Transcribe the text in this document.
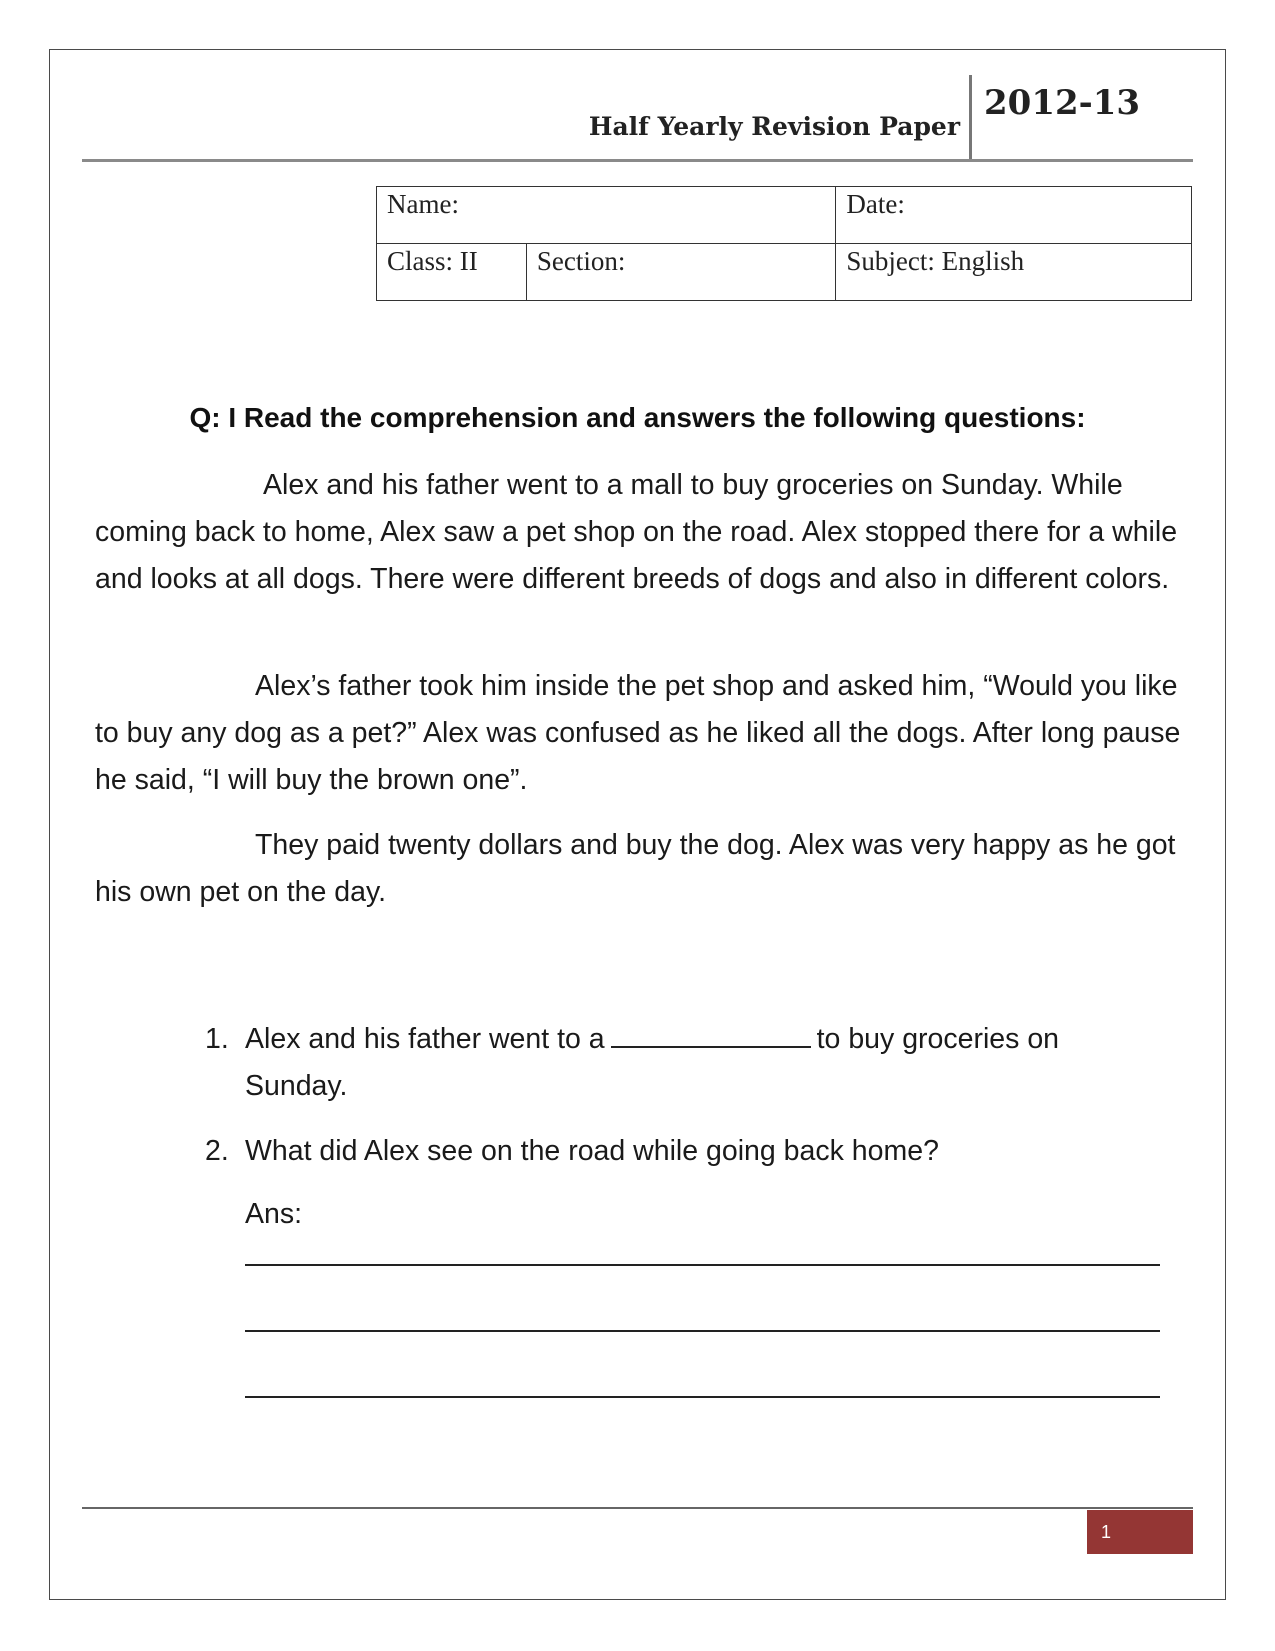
Half Yearly Revision Paper
2012-13
Name:		Date:
Class: II	Section:	Subject: English
Q: I Read the comprehension and answers the following questions:

Alex and his father went to a mall to buy groceries on Sunday. While coming back to home, Alex saw a pet shop on the road. Alex stopped there for a while and looks at all dogs. There were different breeds of dogs and also in different colors.

Alex’s father took him inside the pet shop and asked him, “Would you like to buy any dog as a pet?” Alex was confused as he liked all the dogs. After long pause he said, “I will buy the brown one”.

They paid twenty dollars and buy the dog. Alex was very happy as he got his own pet on the day.

1. Alex and his father went to a	to buy groceries on Sunday.
2. What did Alex see on the road while going back home?
Ans:
1
